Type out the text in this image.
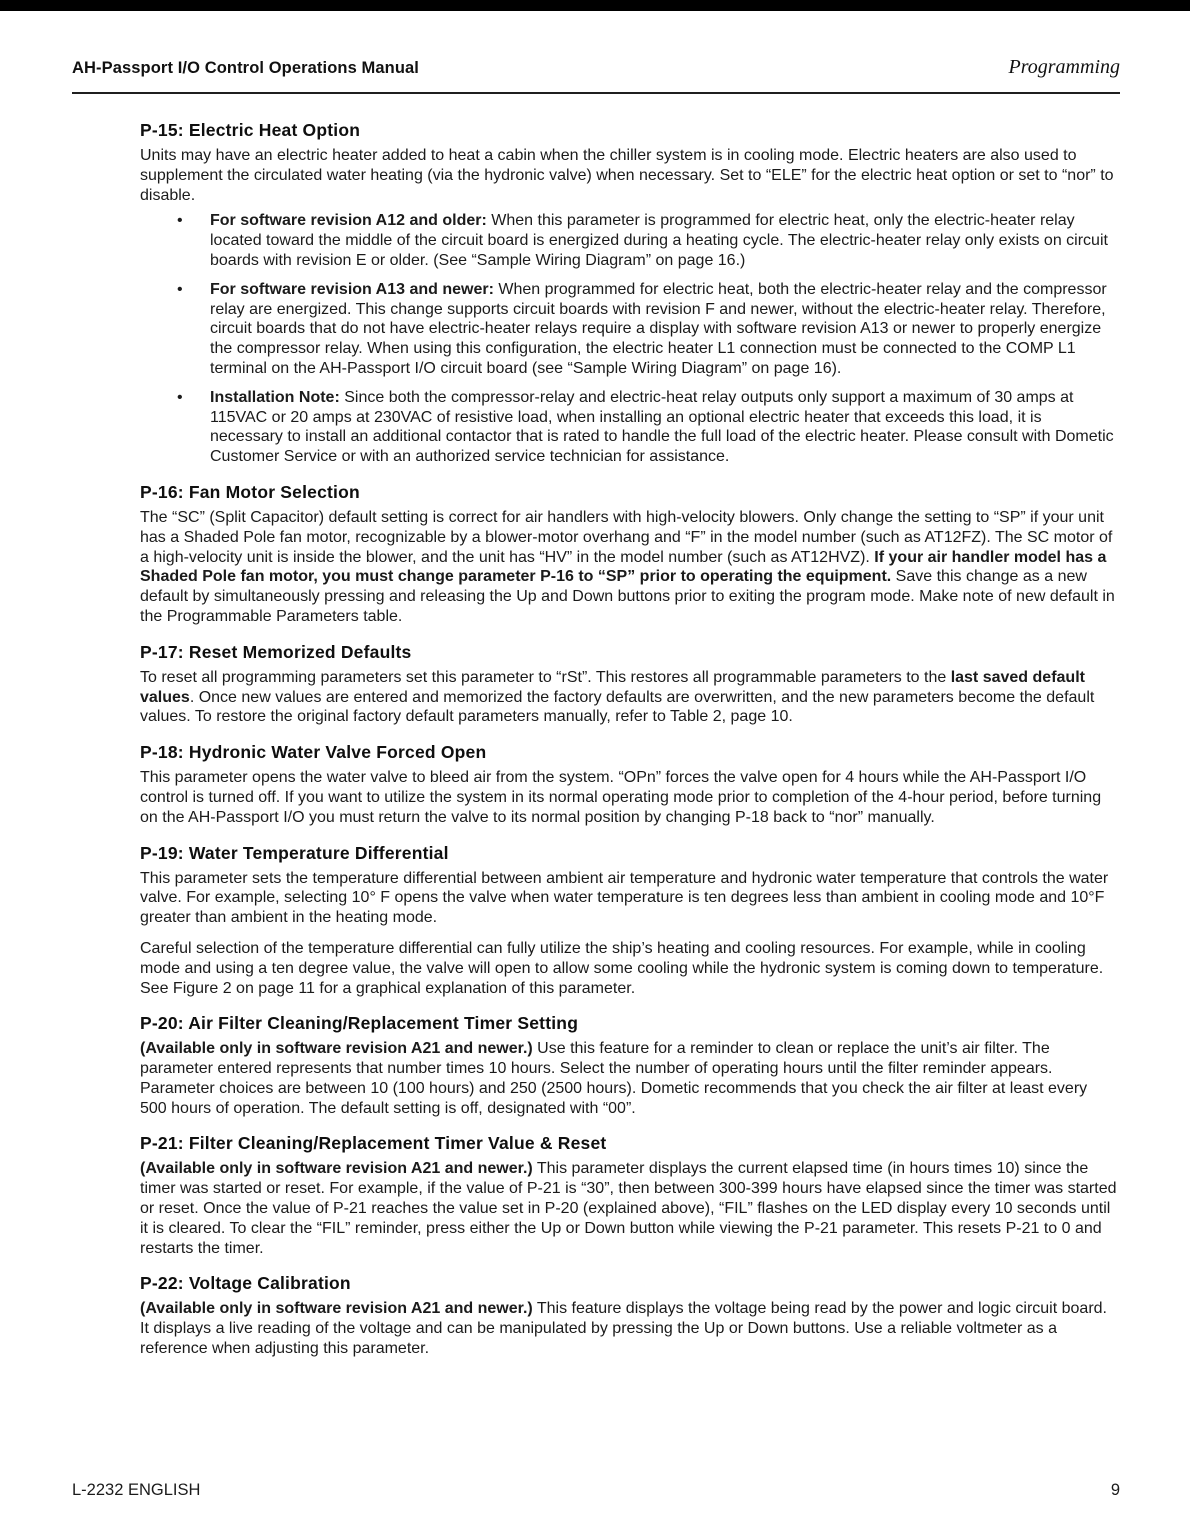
AH-Passport I/O Control Operations Manual	Programming
P-15: Electric Heat Option

Units may have an electric heater added to heat a cabin when the chiller system is in cooling mode. Electric heaters are also used to supplement the circulated water heating (via the hydronic valve) when necessary. Set to “ELE” for the electric heat option or set to “nor” to disable.

• For software revision A12 and older: When this parameter is programmed for electric heat, only the electric-heater relay located toward the middle of the circuit board is energized during a heating cycle. The electric-heater relay only exists on circuit boards with revision E or older. (See “Sample Wiring Diagram” on page 16.)
• For software revision A13 and newer: When programmed for electric heat, both the electric-heater relay and the compressor relay are energized. This change supports circuit boards with revision F and newer, without the electric-heater relay. Therefore, circuit boards that do not have electric-heater relays require a display with software revision A13 or newer to properly energize the compressor relay. When using this configuration, the electric heater L1 connection must be connected to the COMP L1 terminal on the AH-Passport I/O circuit board (see “Sample Wiring Diagram” on page 16).
• Installation Note: Since both the compressor-relay and electric-heat relay outputs only support a maximum of 30 amps at 115VAC or 20 amps at 230VAC of resistive load, when installing an optional electric heater that exceeds this load, it is necessary to install an additional contactor that is rated to handle the full load of the electric heater. Please consult with Dometic Customer Service or with an authorized service technician for assistance.
P-16: Fan Motor Selection

The “SC” (Split Capacitor) default setting is correct for air handlers with high-velocity blowers. Only change the setting to “SP” if your unit has a Shaded Pole fan motor, recognizable by a blower-motor overhang and “F” in the model number (such as AT12FZ). The SC motor of a high-velocity unit is inside the blower, and the unit has “HV” in the model number (such as AT12HVZ). If your air handler model has a Shaded Pole fan motor, you must change parameter P-16 to “SP” prior to operating the equipment. Save this change as a new default by simultaneously pressing and releasing the Up and Down buttons prior to exiting the program mode. Make note of new default in the Programmable Parameters table.

P-17: Reset Memorized Defaults

To reset all programming parameters set this parameter to “rSt”. This restores all programmable parameters to the last saved default values. Once new values are entered and memorized the factory defaults are overwritten, and the new parameters become the default values. To restore the original factory default parameters manually, refer to Table 2, page 10.

P-18: Hydronic Water Valve Forced Open

This parameter opens the water valve to bleed air from the system. “OPn” forces the valve open for 4 hours while the AH-Passport I/O control is turned off. If you want to utilize the system in its normal operating mode prior to completion of the 4-hour period, before turning on the AH-Passport I/O you must return the valve to its normal position by changing P-18 back to “nor” manually.

P-19: Water Temperature Differential

This parameter sets the temperature differential between ambient air temperature and hydronic water temperature that controls the water valve. For example, selecting 10° F opens the valve when water temperature is ten degrees less than ambient in cooling mode and 10°F greater than ambient in the heating mode.

Careful selection of the temperature differential can fully utilize the ship’s heating and cooling resources. For example, while in cooling mode and using a ten degree value, the valve will open to allow some cooling while the hydronic system is coming down to temperature. See Figure 2 on page 11 for a graphical explanation of this parameter.

P-20: Air Filter Cleaning/Replacement Timer Setting

(Available only in software revision A21 and newer.) Use this feature for a reminder to clean or replace the unit’s air filter. The parameter entered represents that number times 10 hours. Select the number of operating hours until the filter reminder appears. Parameter choices are between 10 (100 hours) and 250 (2500 hours). Dometic recommends that you check the air filter at least every 500 hours of operation. The default setting is off, designated with “00”.

P-21: Filter Cleaning/Replacement Timer Value & Reset

(Available only in software revision A21 and newer.) This parameter displays the current elapsed time (in hours times 10) since the timer was started or reset. For example, if the value of P-21 is “30”, then between 300-399 hours have elapsed since the timer was started or reset. Once the value of P-21 reaches the value set in P-20 (explained above), “FIL” flashes on the LED display every 10 seconds until it is cleared. To clear the “FIL” reminder, press either the Up or Down button while viewing the P-21 parameter. This resets P-21 to 0 and restarts the timer.

P-22: Voltage Calibration

(Available only in software revision A21 and newer.) This feature displays the voltage being read by the power and logic circuit board. It displays a live reading of the voltage and can be manipulated by pressing the Up or Down buttons. Use a reliable voltmeter as a reference when adjusting this parameter.

L-2232 ENGLISH	9
